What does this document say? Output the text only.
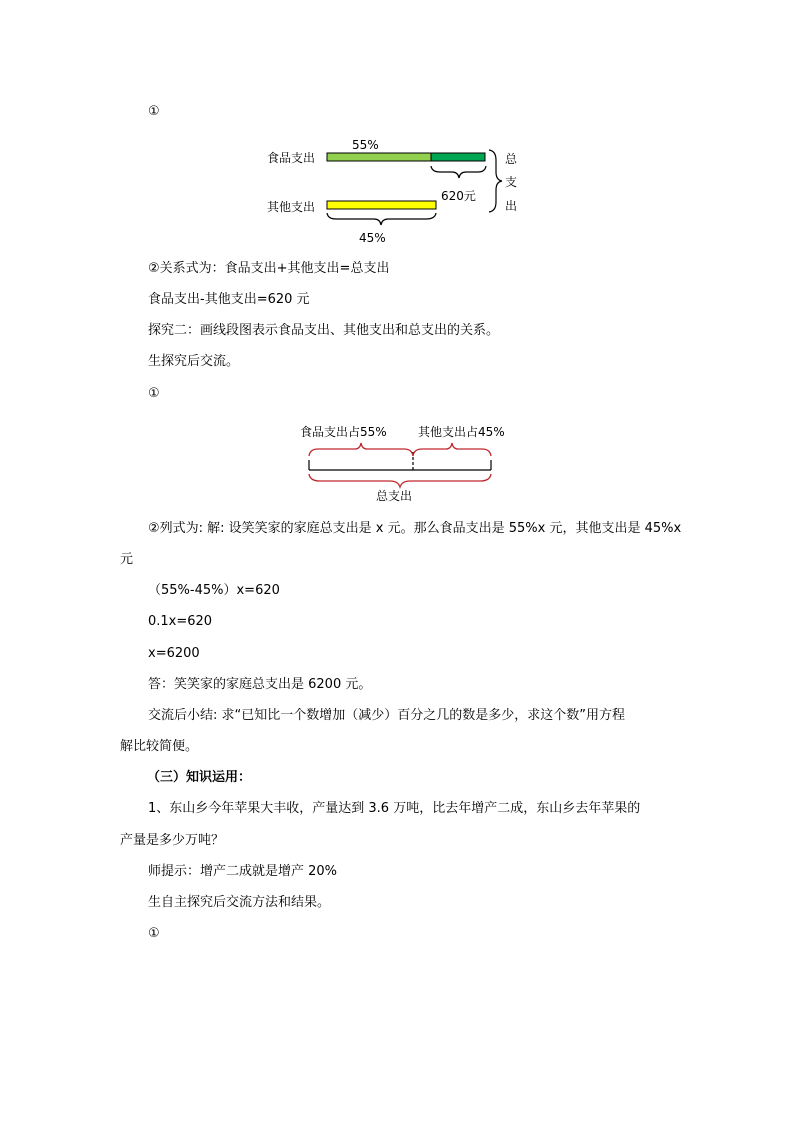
①
55%
食品支出
620元
其他支出
45%
总
支
出
②关系式为：食品支出+其他支出=总支出
食品支出-其他支出=620 元
探究二：画线段图表示食品支出、其他支出和总支出的关系。
生探究后交流。
①
食品支出占55%	其他支出占45%
总支出
②列式为: 解: 设笑笑家的家庭总支出是 x 元。那么食品支出是 55%x 元，其他支出是 45%x
元
（55%-45%）x=620
0.1x=620
x=6200
答：笑笑家的家庭总支出是 6200 元。
交流后小结: 求“已知比一个数增加（减少）百分之几的数是多少，求这个数”用方程
解比较简便。
（三）知识运用：
1、东山乡今年苹果大丰收，产量达到 3.6 万吨，比去年增产二成，东山乡去年苹果的
产量是多少万吨？
师提示：增产二成就是增产 20%
生自主探究后交流方法和结果。
①
